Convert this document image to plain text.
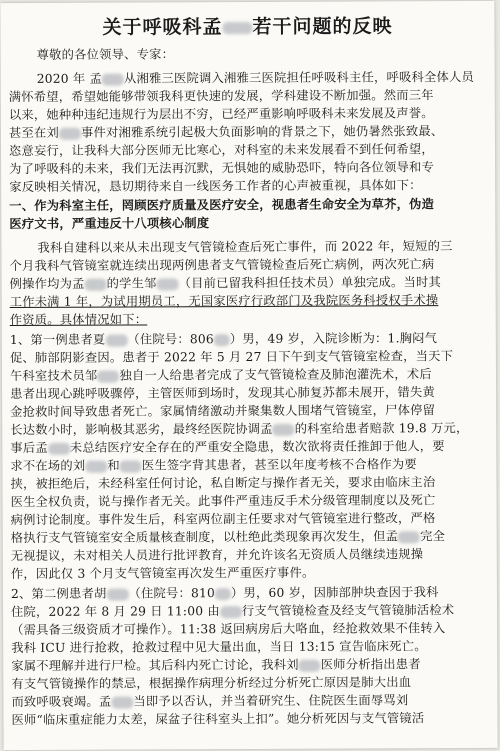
关于呼吸科孟 若干问题的反映
尊敬的各位领导、专家：
2020 年 孟 从湘雅三医院调入湘雅三医院担任呼吸科主任，呼吸科全体人员
满怀希望，希望她能够带领我科更快速的发展，学科建设不断加强。然而三年
以来，她种种违纪违规行为层出不穷，已经严重影响呼吸科未来发展及声誉。
甚至在刘 事件对湘雅系统引起极大负面影响的背景之下，她仍暑然张致最、
恣意妄行，让我科大部分医师无比寒心，对科室的未来发展看不到任何希望，
为了呼吸科的未来，我们无法再沉默，无惧她的威胁恐吓，特向各位领导和专
家反映相关情况，恳切期待来自一线医务工作者的心声被重视，具体如下：
一、作为科室主任，罔顾医疗质量及医疗安全，视患者生命安全为草芥，伪造
医疗文书，严重违反十八项核心制度
我科自建科以来从未出现支气管镜检查后死亡事件，而 2022 年，短短的三
个月我科气管镜室就连续出现两例患者支气管镜检查后死亡病例，两次死亡病
例操作均为孟 的学生邹 （目前已留我科担任技术员）单独完成。当时其
工作未满 1 年，为试用期员工，无国家医疗行政部门及我院医务科授权手术操
作资质。具体情况如下：
1、第一例患者夏 （住院号：806 ）男，49 岁，入院诊断为：1.胸闷气
促、肺部阴影查因。患者于 2022 年 5 月 27 日下午到支气管镜室检查，当天下
午科室技术员邹 独自一人给患者完成了支气管镜检查及肺泡灌洗术，术后
患者出现心跳呼吸骤停，主管医师到场时，发现其心肺复苏都未展开，错失黄
金抢救时间导致患者死亡。家属情绪激动并聚集数人围堵气管镜室，尸体停留
长达数小时，影响极其恶劣，最终经医院协调孟 的科室给患者赔款 19.8 万元，
事后孟 未总结医疗安全存在的严重安全隐患，数次欲将责任推卸于他人，要
求不在场的刘 和 医生签字背其患者，甚至以年度考核不合格作为要
挟，被拒绝后，未经科室任何讨论，私自断定与操作者无关，要求由临床主治
医生全权负责，说与操作者无关。此事件严重违反手术分级管理制度以及死亡
病例讨论制度。事件发生后，科室两位副主任要求对气管镜室进行整改，严格
格执行支气管镜室安全质量核查制度，以杜绝此类现象再次发生，但孟 完全
无视提议，未对相关人员进行批评教育，并允许该名无资质人员继续违规操
作，因此仅 3 个月支气管镜室再次发生严重医疗事件。
2、第二例患者胡 （住院号：810 ）男，60 岁，因肺部肿块查因于我科
住院，2022 年 8 月 29 日 11:00 由 行支气管镜检查及经支气管镜肺活检术
（需具备三级资质才可操作）。11:38 返回病房后大咯血，经抢救效果不佳转入
我科 ICU 进行抢救，抢救过程中见大量出血，当日 13:15 宣告临床死亡。
家属不理解并进行尸检。其后科内死亡讨论，我科刘 医师分析指出患者
有支气管镜操作的禁忌，根据操作病理分析经过分析死亡原因是肺大出血
而致呼吸衰竭。孟 当即予以否认，并当着研究生、住院医生面辱骂刘
医师“临床重症能力太差，屎盆子往科室头上扣”。她分析死因与支气管镜活
